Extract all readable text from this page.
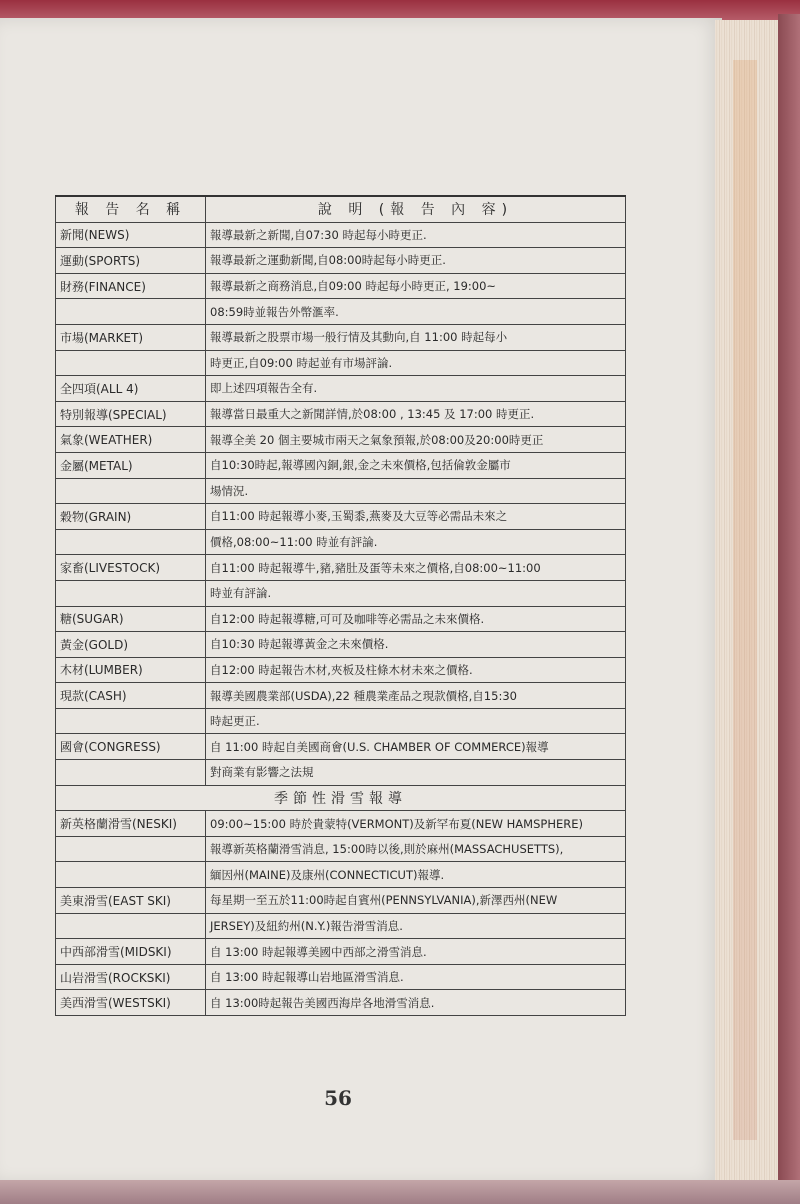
報 告 名 稱	說 明 (報 告 內 容)
新聞(NEWS)	報導最新之新聞,自07:30 時起每小時更正.
運動(SPORTS)	報導最新之運動新聞,自08:00時起每小時更正.
財務(FINANCE)	報導最新之商務消息,自09:00 時起每小時更正, 19:00~
	08:59時並報告外幣滙率.
市場(MARKET)	報導最新之股票市場一般行情及其動向,自 11:00 時起每小
	時更正,自09:00 時起並有市場評論.
全四項(ALL 4)	即上述四項報告全有.
特別報導(SPECIAL)	報導當日最重大之新聞詳情,於08:00 , 13:45 及 17:00 時更正.
氣象(WEATHER)	報導全美 20 個主要城市兩天之氣象預報,於08:00及20:00時更正
金屬(METAL)	自10:30時起,報導國內銅,銀,金之未來價格,包括倫敦金屬市
	場情況.
穀物(GRAIN)	自11:00 時起報導小麥,玉蜀黍,燕麥及大豆等必需品未來之
	價格,08:00~11:00 時並有評論.
家畜(LIVESTOCK)	自11:00 時起報導牛,豬,豬肚及蛋等未來之價格,自08:00~11:00
	時並有評論.
糖(SUGAR)	自12:00 時起報導糖,可可及咖啡等必需品之未來價格.
黃金(GOLD)	自10:30 時起報導黃金之未來價格.
木材(LUMBER)	自12:00 時起報告木材,夾板及柱條木材未來之價格.
現款(CASH)	報導美國農業部(USDA),22 種農業產品之現款價格,自15:30
	時起更正.
國會(CONGRESS)	自 11:00 時起自美國商會(U.S. CHAMBER OF COMMERCE)報導
	對商業有影響之法規
季節性滑雪報導	
新英格蘭滑雪(NESKI)	09:00~15:00 時於貴蒙特(VERMONT)及新罕布夏(NEW HAMSPHERE)
	報導新英格蘭滑雪消息, 15:00時以後,則於麻州(MASSACHUSETTS),
	緬因州(MAINE)及康州(CONNECTICUT)報導.
美東滑雪(EAST SKI)	每星期一至五於11:00時起自賓州(PENNSYLVANIA),新澤西州(NEW
	JERSEY)及紐約州(N.Y.)報告滑雪消息.
中西部滑雪(MIDSKI)	自 13:00 時起報導美國中西部之滑雪消息.
山岩滑雪(ROCKSKI)	自 13:00 時起報導山岩地區滑雪消息.
美西滑雪(WESTSKI)	自 13:00時起報告美國西海岸各地滑雪消息.
56
